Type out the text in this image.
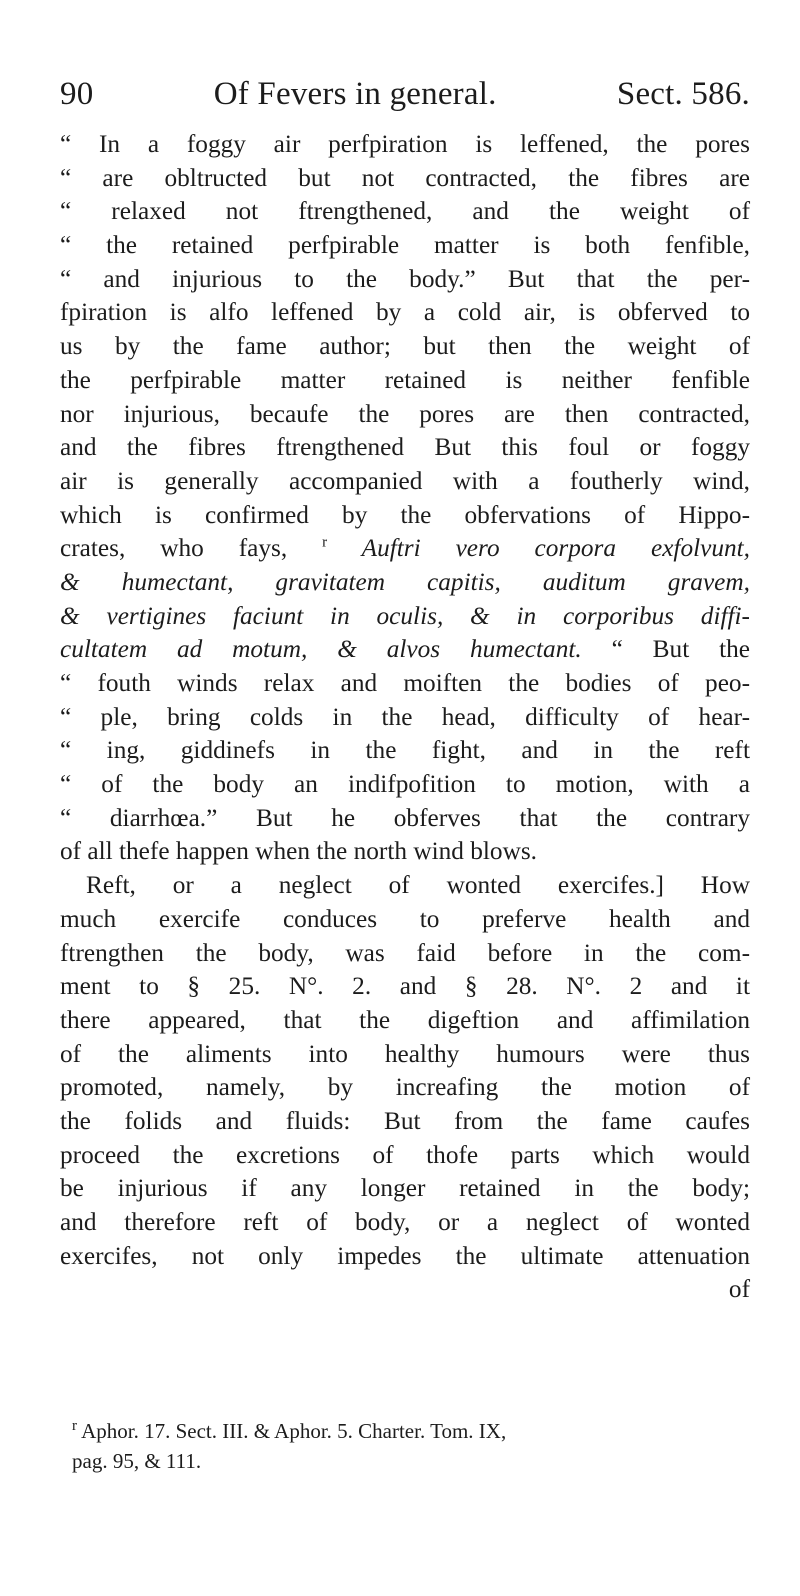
90	Of Fevers in general.	Sect. 586.
“ In a foggy air perfpiration is leffened, the pores
“ are obltructed but not contracted, the fibres are
“ relaxed not ftrengthened, and the weight of
“ the retained perfpirable matter is both fenfible,
“ and injurious to the body.” But that the per-
fpiration is alfo leffened by a cold air, is obferved to
us by the fame author; but then the weight of
the perfpirable matter retained is neither fenfible
nor injurious, becaufe the pores are then contracted,
and the fibres ftrengthened But this foul or foggy
air is generally accompanied with a foutherly wind,
which is confirmed by the obfervations of Hippo-
crates, who fays, $^r$ Auftri vero corpora exfolvunt,
& humectant, gravitatem capitis, auditum gravem,
& vertigines faciunt in oculis, & in corporibus diffi-
cultatem ad motum, & alvos humectant. “ But the
“ fouth winds relax and moiften the bodies of peo-
“ ple, bring colds in the head, difficulty of hear-
“ ing, giddinefs in the fight, and in the reft
“ of the body an indifpofition to motion, with a
“ diarrhœa.” But he obferves that the contrary
of all thefe happen when the north wind blows.
Reft, or a neglect of wonted exercifes.] How
much exercife conduces to preferve health and
ftrengthen the body, was faid before in the com-
ment to § 25. N°. 2. and § 28. N°. 2 and it
there appeared, that the digeftion and affimilation
of the aliments into healthy humours were thus
promoted, namely, by increafing the motion of
the folids and fluids: But from the fame caufes
proceed the excretions of thofe parts which would
be injurious if any longer retained in the body;
and therefore reft of body, or a neglect of wonted
exercifes, not only impedes the ultimate attenuation
of
$^r$ Aphor. 17. Sect. III. & Aphor. 5. Charter. Tom. IX,
pag. 95, & 111.
